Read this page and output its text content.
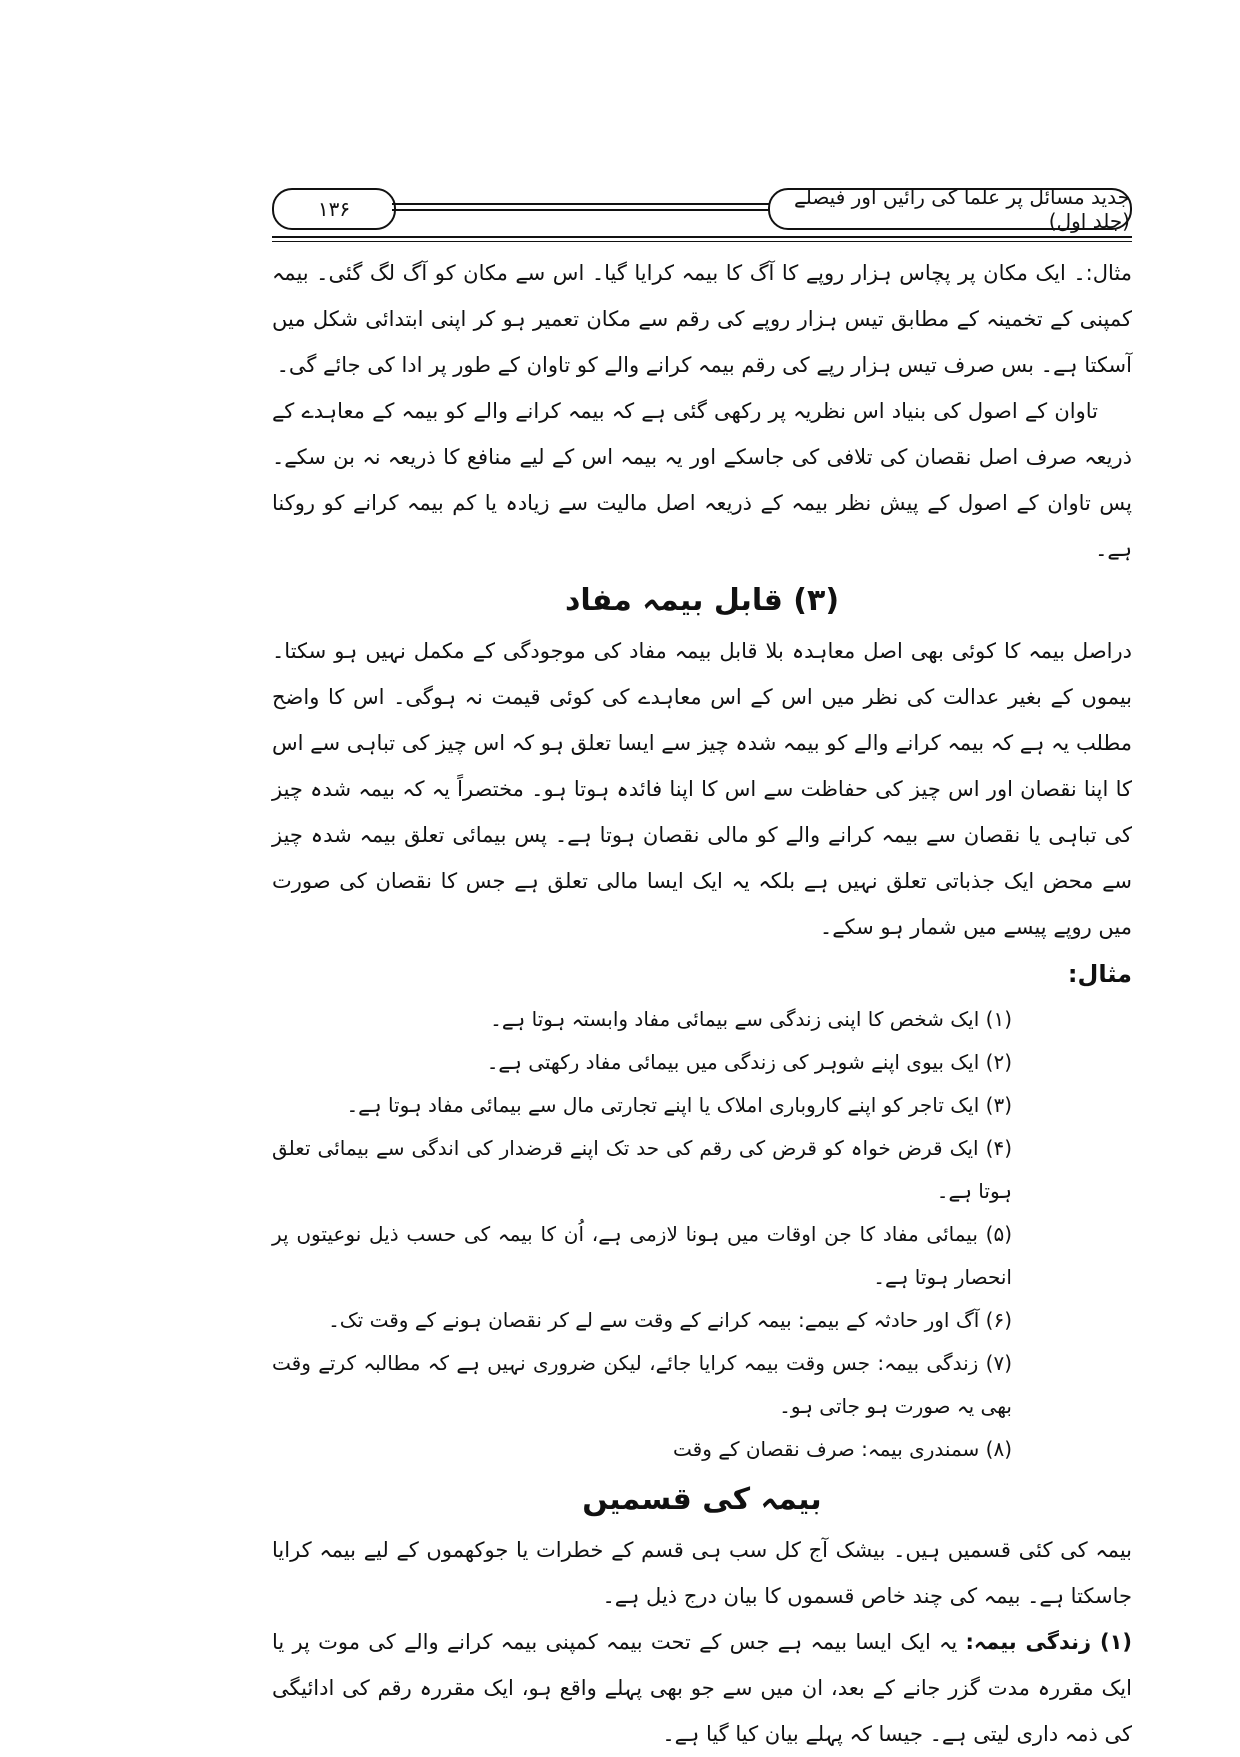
۱۳۶	جدید مسائل پر علما کی رائیں اور فیصلے (جلد اول)

مثال:۔ ایک مکان پر پچاس ہزار روپے کا آگ کا بیمہ کرایا گیا۔ اس سے مکان کو آگ لگ گئی۔ بیمہ کمپنی کے تخمینہ کے مطابق تیس ہزار روپے کی رقم سے مکان تعمیر ہو کر اپنی ابتدائی شکل میں آسکتا ہے۔ بس صرف تیس ہزار رپے کی رقم بیمہ کرانے والے کو تاوان کے طور پر ادا کی جائے گی۔

تاوان کے اصول کی بنیاد اس نظریہ پر رکھی گئی ہے کہ بیمہ کرانے والے کو بیمہ کے معاہدے کے ذریعہ صرف اصل نقصان کی تلافی کی جاسکے اور یہ بیمہ اس کے لیے منافع کا ذریعہ نہ بن سکے۔ پس تاوان کے اصول کے پیش نظر بیمہ کے ذریعہ اصل مالیت سے زیادہ یا کم بیمہ کرانے کو روکنا ہے۔

(۳) قابل بیمہ مفاد

دراصل بیمہ کا کوئی بھی اصل معاہدہ بلا قابل بیمہ مفاد کی موجودگی کے مکمل نہیں ہو سکتا۔ بیموں کے بغیر عدالت کی نظر میں اس کے اس معاہدے کی کوئی قیمت نہ ہوگی۔ اس کا واضح مطلب یہ ہے کہ بیمہ کرانے والے کو بیمہ شدہ چیز سے ایسا تعلق ہو کہ اس چیز کی تباہی سے اس کا اپنا نقصان اور اس چیز کی حفاظت سے اس کا اپنا فائدہ ہوتا ہو۔ مختصراً یہ کہ بیمہ شدہ چیز کی تباہی یا نقصان سے بیمہ کرانے والے کو مالی نقصان ہوتا ہے۔ پس بیمائی تعلق بیمہ شدہ چیز سے محض ایک جذباتی تعلق نہیں ہے بلکہ یہ ایک ایسا مالی تعلق ہے جس کا نقصان کی صورت میں روپے پیسے میں شمار ہو سکے۔

مثال:
(۱) ایک شخص کا اپنی زندگی سے بیمائی مفاد وابستہ ہوتا ہے۔
(۲) ایک بیوی اپنے شوہر کی زندگی میں بیمائی مفاد رکھتی ہے۔
(۳) ایک تاجر کو اپنے کاروباری املاک یا اپنے تجارتی مال سے بیمائی مفاد ہوتا ہے۔
(۴) ایک قرض خواہ کو قرض کی رقم کی حد تک اپنے قرضدار کی اندگی سے بیمائی تعلق ہوتا ہے۔
(۵) بیمائی مفاد کا جن اوقات میں ہونا لازمی ہے، اُن کا بیمہ کی حسب ذیل نوعیتوں پر انحصار ہوتا ہے۔
(۶) آگ اور حادثہ کے بیمے: بیمہ کرانے کے وقت سے لے کر نقصان ہونے کے وقت تک۔
(۷) زندگی بیمہ: جس وقت بیمہ کرایا جائے، لیکن ضروری نہیں ہے کہ مطالبہ کرتے وقت بھی یہ صورت ہو جاتی ہو۔
(۸) سمندری بیمہ: صرف نقصان کے وقت
بیمہ کی قسمیں

بیمہ کی کئی قسمیں ہیں۔ بیشک آج کل سب ہی قسم کے خطرات یا جوکھموں کے لیے بیمہ کرایا جاسکتا ہے۔ بیمہ کی چند خاص قسموں کا بیان درج ذیل ہے۔

(۱) زندگی بیمہ: یہ ایک ایسا بیمہ ہے جس کے تحت بیمہ کمپنی بیمہ کرانے والے کی موت پر یا ایک مقررہ مدت گزر جانے کے بعد، ان میں سے جو بھی پہلے واقع ہو، ایک مقررہ رقم کی ادائیگی کی ذمہ داری لیتی ہے۔ جیسا کہ پہلے بیان کیا گیا ہے۔
